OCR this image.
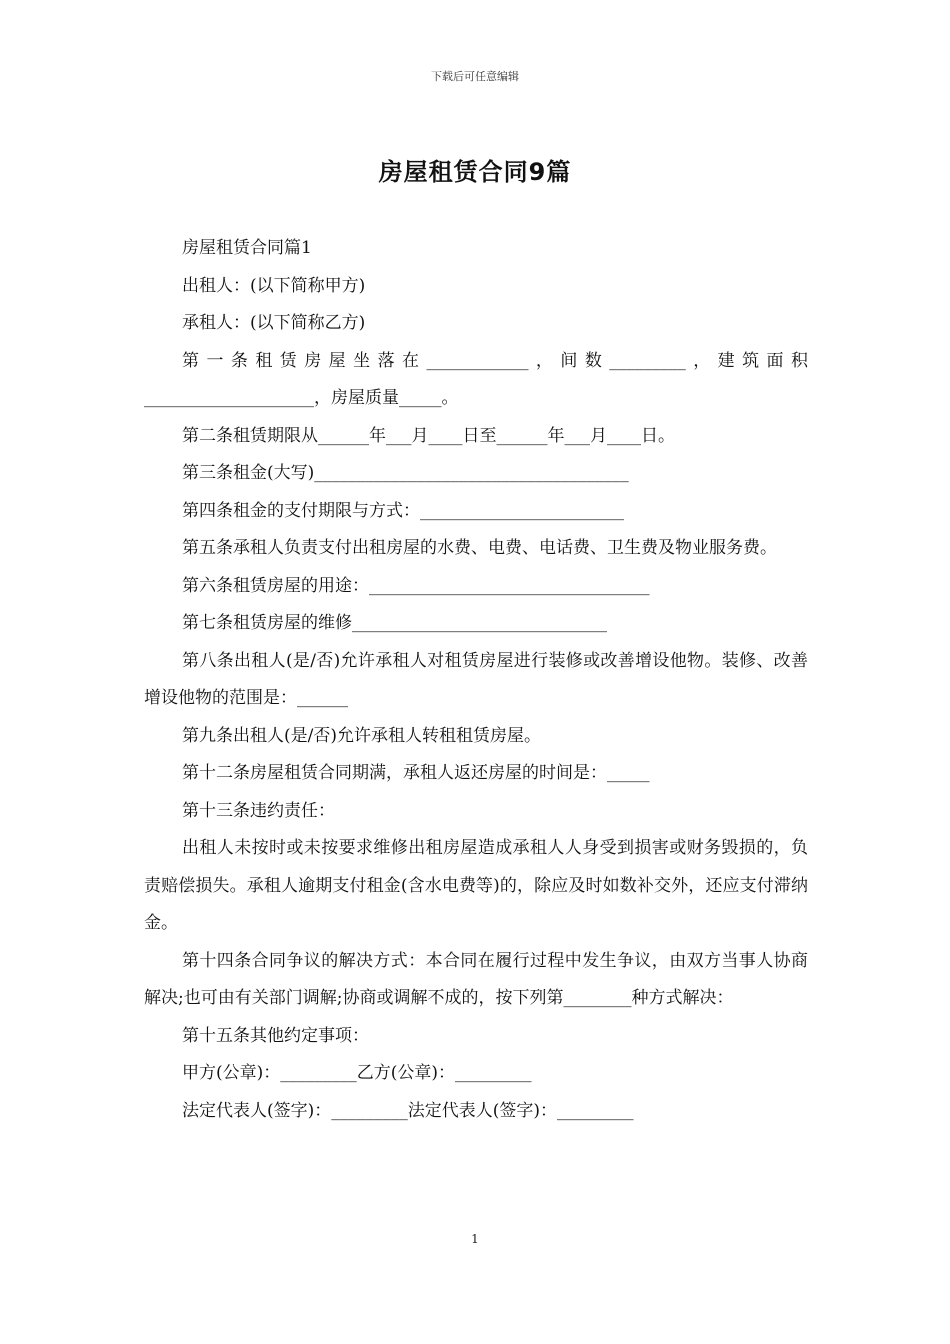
下载后可任意编辑
房屋租赁合同9篇

房屋租赁合同篇1

出租人：(以下简称甲方)

承租人：(以下简称乙方)

第一条租赁房屋坐落在____________，间数_________，建筑面积____________________，房屋质量_____。

第二条租赁期限从______年___月____日至______年___月____日。

第三条租金(大写)_____________________________________

第四条租金的支付期限与方式：________________________

第五条承租人负责支付出租房屋的水费、电费、电话费、卫生费及物业服务费。

第六条租赁房屋的用途：_________________________________

第七条租赁房屋的维修______________________________

第八条出租人(是/否)允许承租人对租赁房屋进行装修或改善增设他物。装修、改善增设他物的范围是：______

第九条出租人(是/否)允许承租人转租租赁房屋。

第十二条房屋租赁合同期满，承租人返还房屋的时间是：_____

第十三条违约责任：

出租人未按时或未按要求维修出租房屋造成承租人人身受到损害或财务毁损的，负责赔偿损失。承租人逾期支付租金(含水电费等)的，除应及时如数补交外，还应支付滞纳金。

第十四条合同争议的解决方式：本合同在履行过程中发生争议，由双方当事人协商解决;也可由有关部门调解;协商或调解不成的，按下列第________种方式解决：

第十五条其他约定事项：

甲方(公章)：_________乙方(公章)：_________

法定代表人(签字)：_________法定代表人(签字)：_________

1
